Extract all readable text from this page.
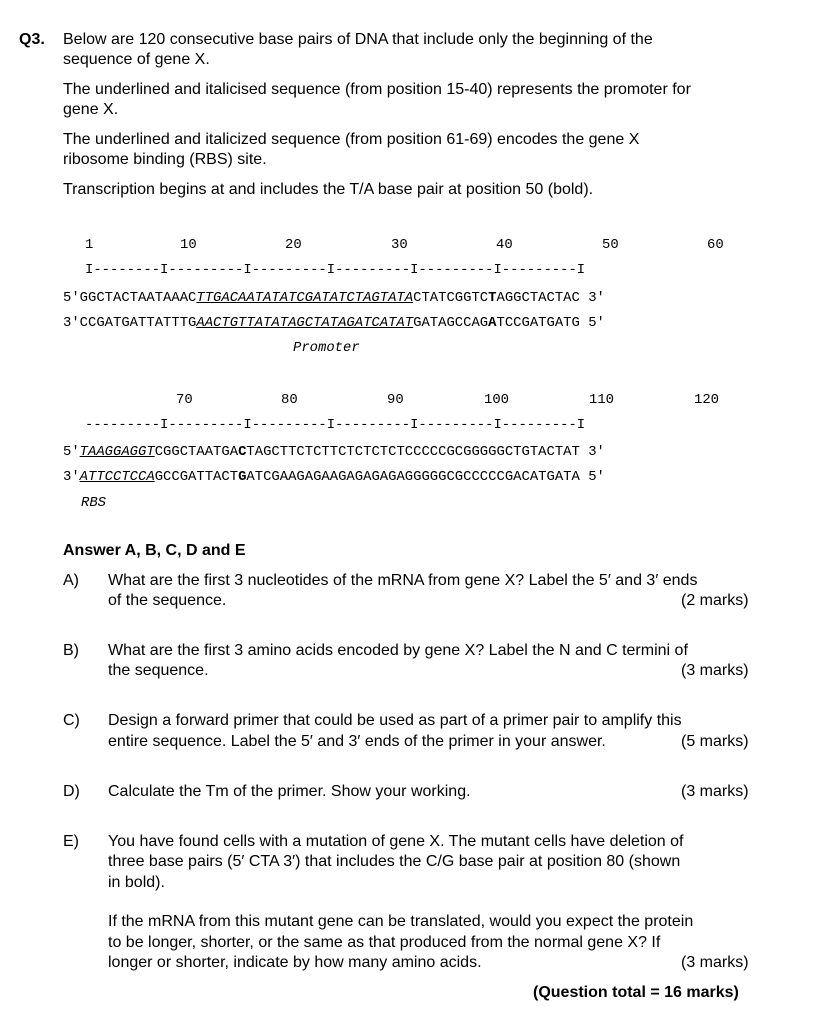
Q3. Below are 120 consecutive base pairs of DNA that include only the beginning of the
sequence of gene X.
The underlined and italicised sequence (from position 15-40) represents the promoter for
gene X.
The underlined and italicized sequence (from position 61-69) encodes the gene X
ribosome binding (RBS) site.
Transcription begins at and includes the T/A base pair at position 50 (bold).
1	10	20	30	40	50	60
I--------I---------I---------I---------I---------I---------I
5'GGCTACTAATAAACTTGACAATATATCGATATCTAGTATACTATCGGTCTAGGCTACTAC 3'
3'CCGATGATTATTTGAACTGTTATATAGCTATAGATCATATGATAGCCAGATCCGATGATG 5'
Promoter
70	80	90	100	110	120
---------I---------I---------I---------I---------I---------I
5'TAAGGAGGTCGGCTAATGACTAGCTTCTCTTCTCTCTCTCCCCCGCGGGGGCTGTACTAT 3'
3'ATTCCTCCAGCCGATTACTGATCGAAGAGAAGAGAGAGAGGGGGCGCCCCCGACATGATA 5'
RBS
Answer A, B, C, D and E
A) What are the first 3 nucleotides of the mRNA from gene X? Label the 5′ and 3′ ends
of the sequence.	(2 marks)
B) What are the first 3 amino acids encoded by gene X? Label the N and C termini of
the sequence.	(3 marks)
C) Design a forward primer that could be used as part of a primer pair to amplify this
entire sequence. Label the 5′ and 3′ ends of the primer in your answer.	(5 marks)
D) Calculate the Tm of the primer. Show your working.	(3 marks)
E) You have found cells with a mutation of gene X. The mutant cells have deletion of
three base pairs (5′ CTA 3′) that includes the C/G base pair at position 80 (shown
in bold).
If the mRNA from this mutant gene can be translated, would you expect the protein
to be longer, shorter, or the same as that produced from the normal gene X? If
longer or shorter, indicate by how many amino acids.	(3 marks)
(Question total = 16 marks)
